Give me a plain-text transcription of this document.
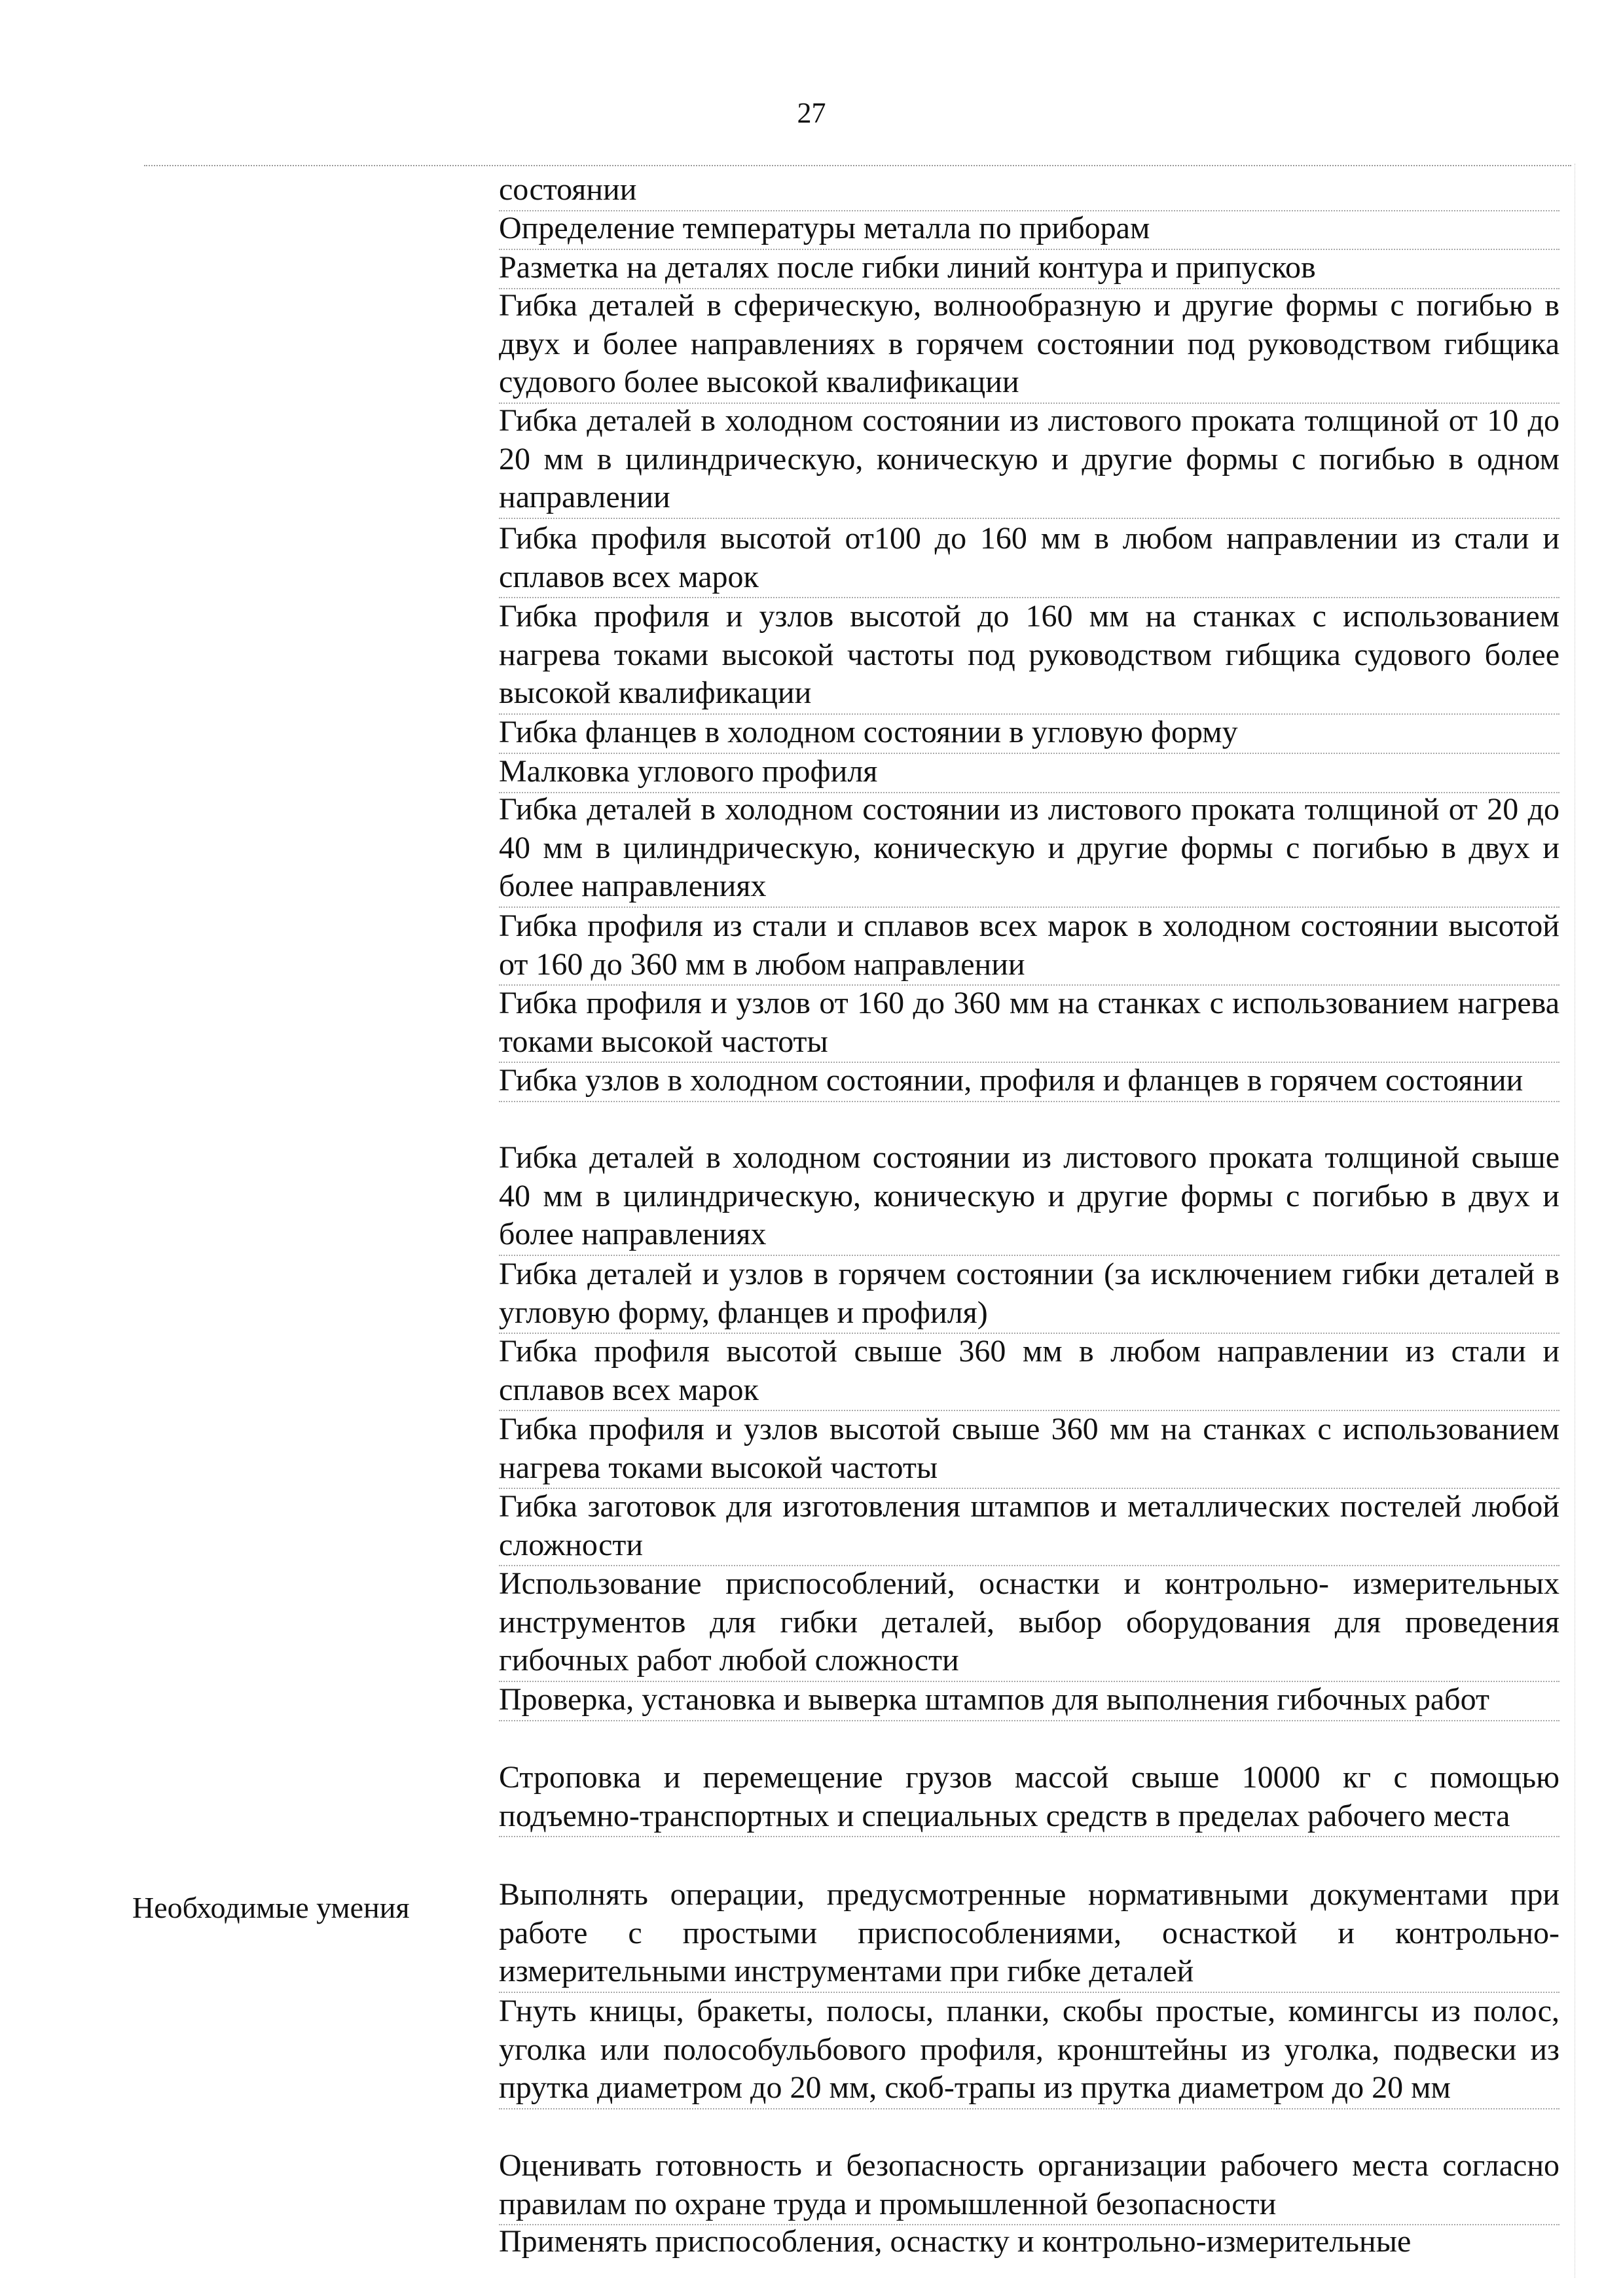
27
Необходимые умения
состоянии
Определение температуры металла по приборам
Разметка на деталях после гибки линий контура и припусков
Гибка деталей в сферическую, волнообразную и другие формы с погибью в двух и более направлениях в горячем состоянии под руководством гибщика судового более высокой квалификации
Гибка деталей в холодном состоянии из листового проката толщиной от 10 до 20 мм в цилиндрическую, коническую и другие формы с погибью в одном направлении
Гибка профиля высотой от100 до 160 мм в любом направлении из стали и сплавов всех марок
Гибка профиля и узлов высотой до 160 мм на станках с использованием нагрева токами высокой частоты под руководством гибщика судового более высокой квалификации
Гибка фланцев в холодном состоянии в угловую форму
Малковка углового профиля
Гибка деталей в холодном состоянии из листового проката толщиной от 20 до 40 мм в цилиндрическую, коническую и другие формы с погибью в двух и более направлениях
Гибка профиля из стали и сплавов всех марок в холодном состоянии высотой от 160 до 360 мм в любом направлении
Гибка профиля и узлов от 160 до 360 мм на станках с использованием нагрева токами высокой частоты
Гибка узлов в холодном состоянии, профиля и фланцев в горячем состоянии
Гибка деталей в холодном состоянии из листового проката толщиной свыше 40 мм в цилиндрическую, коническую и другие формы с погибью в двух и более направлениях
Гибка деталей и узлов в горячем состоянии (за исключением гибки деталей в угловую форму, фланцев и профиля)
Гибка профиля высотой свыше 360 мм в любом направлении из стали и сплавов всех марок
Гибка профиля и узлов высотой свыше 360 мм на станках с использованием нагрева токами высокой частоты
Гибка заготовок для изготовления штампов и металлических постелей любой сложности
Использование приспособлений, оснастки и контрольно- измерительных инструментов для гибки деталей, выбор оборудования для проведения гибочных работ любой сложности
Проверка, установка и выверка штампов для выполнения гибочных работ
Строповка и перемещение грузов массой свыше 10000 кг с помощью подъемно-транспортных и специальных средств в пределах рабочего места
Выполнять операции, предусмотренные нормативными документами при работе с простыми приспособлениями, оснасткой и контрольно-измерительными инструментами при гибке деталей
Гнуть кницы, бракеты, полосы, планки, скобы простые, комингсы из полос, уголка или полособульбового профиля, кронштейны из уголка, подвески из прутка диаметром до 20 мм, скоб-трапы из прутка диаметром до 20 мм
Оценивать готовность и безопасность организации рабочего места согласно правилам по охране труда и промышленной безопасности
Применять приспособления, оснастку и контрольно-измерительные
